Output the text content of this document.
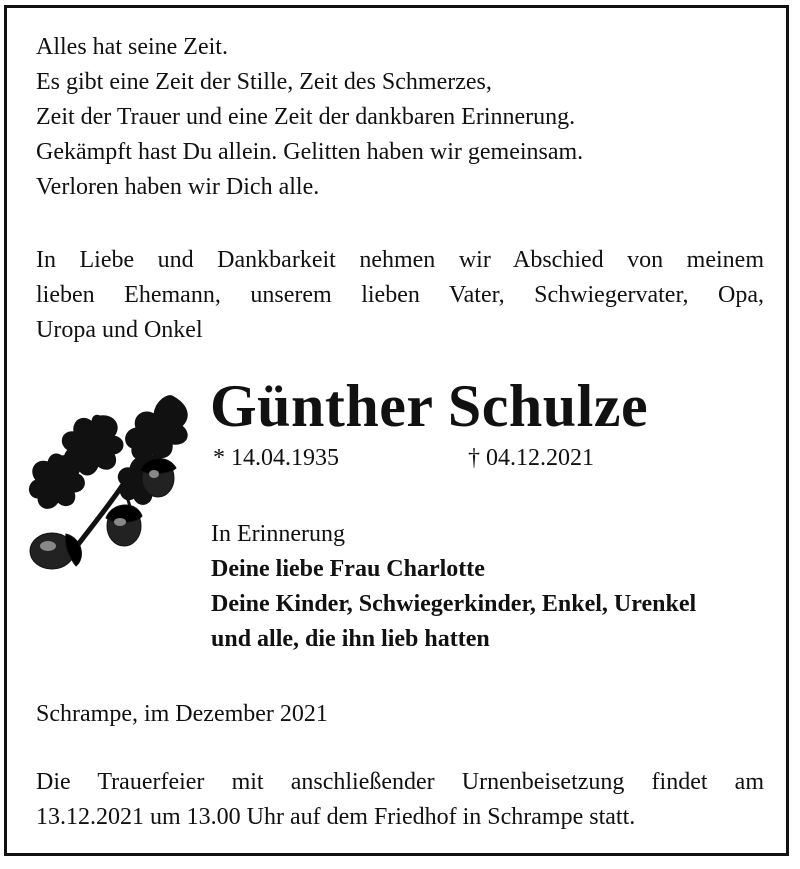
Alles hat seine Zeit.
Es gibt eine Zeit der Stille, Zeit des Schmerzes,
Zeit der Trauer und eine Zeit der dankbaren Erinnerung.
Gekämpft hast Du allein. Gelitten haben wir gemeinsam.
Verloren haben wir Dich alle.
In Liebe und Dankbarkeit nehmen wir Abschied von meinem
lieben Ehemann, unserem lieben Vater, Schwiegervater, Opa,
Uropa und Onkel
Günther Schulze
* 14.04.1935	† 04.12.2021
In Erinnerung
Deine liebe Frau Charlotte
Deine Kinder, Schwiegerkinder, Enkel, Urenkel
und alle, die ihn lieb hatten
Schrampe, im Dezember 2021
Die Trauerfeier mit anschließender Urnenbeisetzung findet am
13.12.2021 um 13.00 Uhr auf dem Friedhof in Schrampe statt.
